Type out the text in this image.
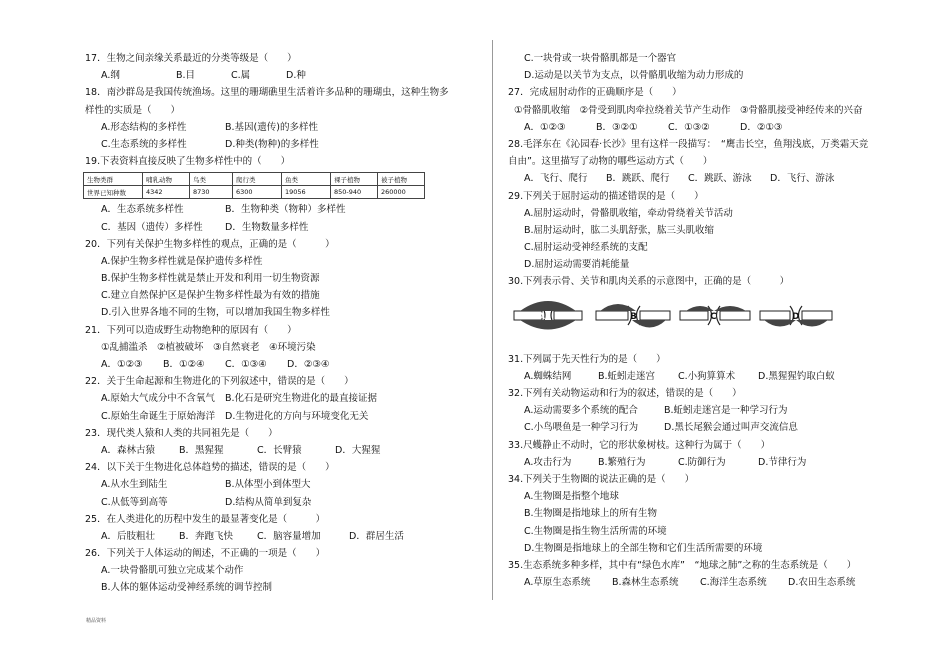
17．生物之间亲缘关系最近的分类等级是（　　）
A.纲	B.目	C.属	D.种
18．南沙群岛是我国传统渔场。这里的珊瑚礁里生活着许多品种的珊瑚虫，这种生物多
样性的实质是（　　）
A.形态结构的多样性	B.基因(遗传)的多样性
C.生态系统的多样性	D.种类(物种)的多样性
19.下表资料直接反映了生物多样性中的（　　）
生物类群	哺乳动物	鸟类	爬行类	鱼类	裸子植物	被子植物
世界已知种数	4342	8730	6300	19056	850-940	260000
A．生态系统多样性	B．生物种类（物种）多样性
C．基因（遗传）多样性	D．生物数量多样性
20．下列有关保护生物多样性的观点，正确的是（　　　）
A.保护生物多样性就是保护遗传多样性
B.保护生物多样性就是禁止开发和利用一切生物资源
C.建立自然保护区是保护生物多样性最为有效的措施
D.引入世界各地不同的生物，可以增加我国生物多样性
21．下列可以造成野生动物绝种的原因有（　　）
①乱捕滥杀　②植被破坏　③自然衰老　④环境污染
A．①②③	B．①②④	C．①③④	D．②③④
22．关于生命起源和生物进化的下列叙述中，错误的是（　　）
A.原始大气成分中不含氧气	B.化石是研究生物进化的最直接证据
C.原始生命诞生于原始海洋	D.生物进化的方向与环境变化无关
23．现代类人猿和人类的共同祖先是（　　）
A．森林古猿	B．黑猩猩	C．长臂猿	D．大猩猩
24．以下关于生物进化总体趋势的描述，错误的是（　　）
A.从水生到陆生	B.从体型小到体型大
C.从低等到高等	D.结构从简单到复杂
25．在人类进化的历程中发生的最显著变化是（　　　）
A．后肢粗壮	B．奔跑飞快	C．脑容量增加	D．群居生活
26．下列关于人体运动的阐述，不正确的一项是（　　）
A.一块骨骼肌可独立完成某个动作
B.人体的躯体运动受神经系统的调节控制
C.一块骨或一块骨骼肌都是一个器官
D.运动是以关节为支点，以骨骼肌收缩为动力形成的
27．完成屈肘动作的正确顺序是（　　）
①骨骼肌收缩　②骨受到肌肉牵拉绕着关节产生动作　③骨骼肌接受神经传来的兴奋
A．①②③	B．③②①	C．①③②	D．②①③
28.毛泽东在《沁园春·长沙》里有这样一段描写：　“鹰击长空，鱼翔浅底，万类霜天竞
自由”。这里描写了动物的哪些运动方式（　　）
A．飞行、爬行	B．跳跃、爬行	C．跳跃、游泳	D．飞行、游泳
29.下列关于屈肘运动的描述错误的是（　　）
A.屈肘运动时，骨骼肌收缩，牵动骨绕着关节活动
B.屈肘运动时，肱二头肌舒张，肱三头肌收缩
C.屈肘运动受神经系统的支配
D.屈肘运动需要消耗能量
30.下列表示骨、关节和肌肉关系的示意图中，正确的是（　　　）
A	B	C	D
31.下列属于先天性行为的是（　　）
A.蜘蛛结网	B.蚯蚓走迷宫	C.小狗算算术	D.黑猩猩钓取白蚁
32.下列有关动物运动和行为的叙述，错误的是（　　）
A.运动需要多个系统的配合	B.蚯蚓走迷宫是一种学习行为
C.小鸟喂鱼是一种学习行为	D.黑长尾猴会通过叫声交流信息
33.尺蠖静止不动时，它的形状象树枝。这种行为属于（　　）
A.攻击行为	B.繁殖行为	C.防御行为	D.节律行为
34.下列关于生物圈的说法正确的是（　　）
A.生物圈是指整个地球
B.生物圈是指地球上的所有生物
C.生物圈是指生物生活所需的环境
D.生物圈是指地球上的全部生物和它们生活所需要的环境
35.生态系统多种多样，其中有“绿色水库”　“地球之肺”之称的生态系统是（　　）
A.草原生态系统	B.森林生态系统	C.海洋生态系统	D.农田生态系统
精品资料
